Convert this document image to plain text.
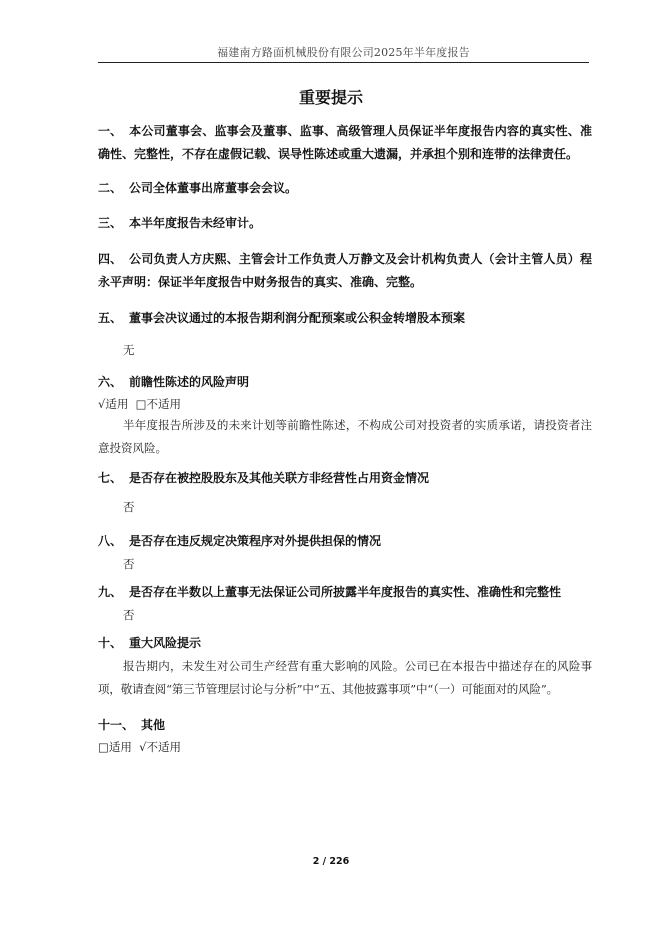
福建南方路面机械股份有限公司2025年半年度报告
重要提示
一、 本公司董事会、监事会及董事、监事、高级管理人员保证半年度报告内容的真实性、准确性、完整性，不存在虚假记载、误导性陈述或重大遗漏，并承担个别和连带的法律责任。
二、 公司全体董事出席董事会会议。
三、 本半年度报告未经审计。
四、 公司负责人方庆熙、主管会计工作负责人万静文及会计机构负责人（会计主管人员）程永平声明：保证半年度报告中财务报告的真实、准确、完整。
五、 董事会决议通过的本报告期利润分配预案或公积金转增股本预案
无
六、 前瞻性陈述的风险声明
√适用  □不适用
半年度报告所涉及的未来计划等前瞻性陈述，不构成公司对投资者的实质承诺，请投资者注意投资风险。
七、 是否存在被控股股东及其他关联方非经营性占用资金情况
否
八、 是否存在违反规定决策程序对外提供担保的情况
否
九、 是否存在半数以上董事无法保证公司所披露半年度报告的真实性、准确性和完整性
否
十、 重大风险提示
报告期内，未发生对公司生产经营有重大影响的风险。公司已在本报告中描述存在的风险事项，敬请查阅“第三节管理层讨论与分析”中“五、其他披露事项”中“（一）可能面对的风险”。
十一、 其他
□适用  √不适用
2 / 226
